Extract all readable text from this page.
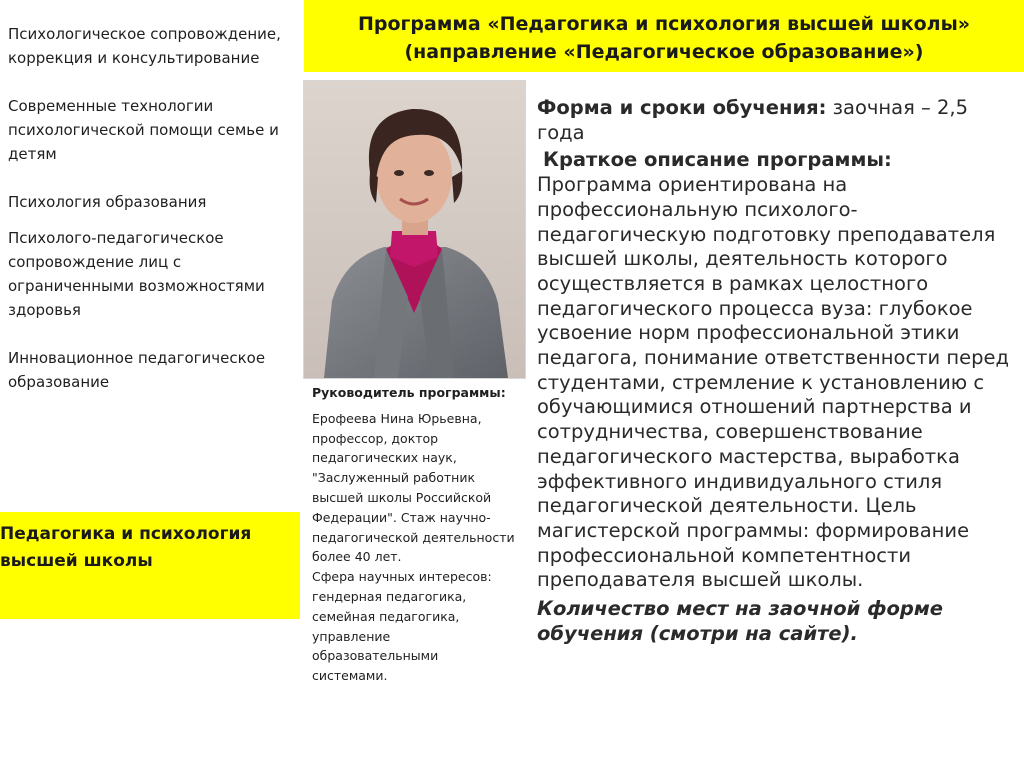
Психологическое сопровождение, коррекция и консультирование
Современные технологии психологической помощи семье и детям
Психология образования
Психолого-педагогическое сопровождение лиц с ограниченными возможностями здоровья
Инновационное педагогическое образование
Педагогика и психология высшей школы
Программа «Педагогика и психология высшей школы»
(направление «Педагогическое образование»)
Руководитель программы:
Ерофеева Нина Юрьевна, профессор, доктор педагогических наук, "Заслуженный работник высшей школы Российской Федерации". Стаж научно-педагогической деятельности более 40 лет.
Сфера научных интересов: гендерная педагогика, семейная педагогика, управление образовательными системами.

Форма и сроки обучения: заочная – 2,5 года

Краткое описание программы:

Программа ориентирована на профессиональную психолого-педагогическую подготовку преподавателя высшей школы, деятельность которого осуществляется в рамках целостного педагогического процесса вуза: глубокое усвоение норм профессиональной этики педагога, понимание ответственности перед студентами, стремление к установлению с обучающимися отношений партнерства и сотрудничества, совершенствование педагогического мастерства, выработка эффективного индивидуального стиля педагогической деятельности. Цель магистерской программы: формирование профессиональной компетентности преподавателя высшей школы.

Количество мест на заочной форме обучения (смотри на сайте).
